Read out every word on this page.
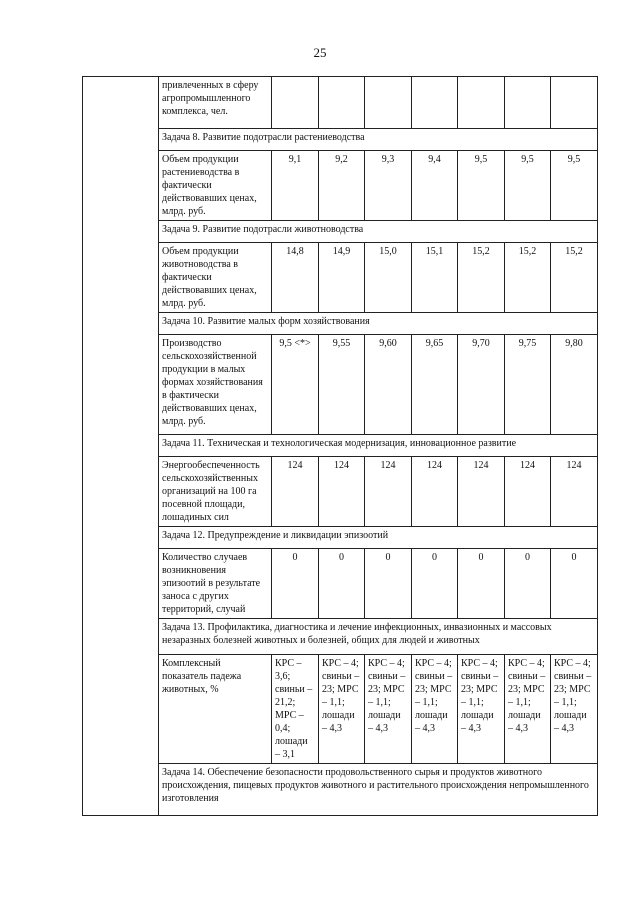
25
	привлеченных в сферу агропромышленного комплекса, чел.							
	Задача 8. Развитие подотрасли растениеводства							
	Объем продукции растениеводства в фактически действовавших ценах, млрд. руб.	9,1	9,2	9,3	9,4	9,5	9,5	9,5
	Задача 9. Развитие подотрасли животноводства							
	Объем продукции животноводства в фактически действовавших ценах, млрд. руб.	14,8	14,9	15,0	15,1	15,2	15,2	15,2
	Задача 10. Развитие малых форм хозяйствования							
	Производство сельскохозяйственной продукции в малых формах хозяйствования в фактически действовавших ценах, млрд. руб.	9,5 <*>	9,55	9,60	9,65	9,70	9,75	9,80
	Задача 11. Техническая и технологическая модернизация, инновационное развитие							
	Энергообеспеченность сельскохозяйственных организаций на 100 га посевной площади, лошадиных сил	124	124	124	124	124	124	124
	Задача 12. Предупреждение и ликвидации эпизоотий							
	Количество случаев возникновения эпизоотий в результате заноса с других территорий, случай	0	0	0	0	0	0	0
	Задача 13. Профилактика, диагностика и лечение инфекционных, инвазионных и массовых незаразных болезней животных и болезней, общих для людей и животных							
	Комплексный показатель падежа животных, %	КРС – 3,6; свиньи – 21,2; МРС – 0,4; лошади – 3,1	КРС – 4; свиньи – 23; МРС – 1,1; лошади – 4,3	КРС – 4; свиньи – 23; МРС – 1,1; лошади – 4,3	КРС – 4; свиньи – 23; МРС – 1,1; лошади – 4,3	КРС – 4; свиньи – 23; МРС – 1,1; лошади – 4,3	КРС – 4; свиньи – 23; МРС – 1,1; лошади – 4,3	КРС – 4; свиньи – 23; МРС – 1,1; лошади – 4,3
	Задача 14. Обеспечение безопасности продовольственного сырья и продуктов животного происхождения, пищевых продуктов животного и растительного происхождения непромышленного изготовления							
